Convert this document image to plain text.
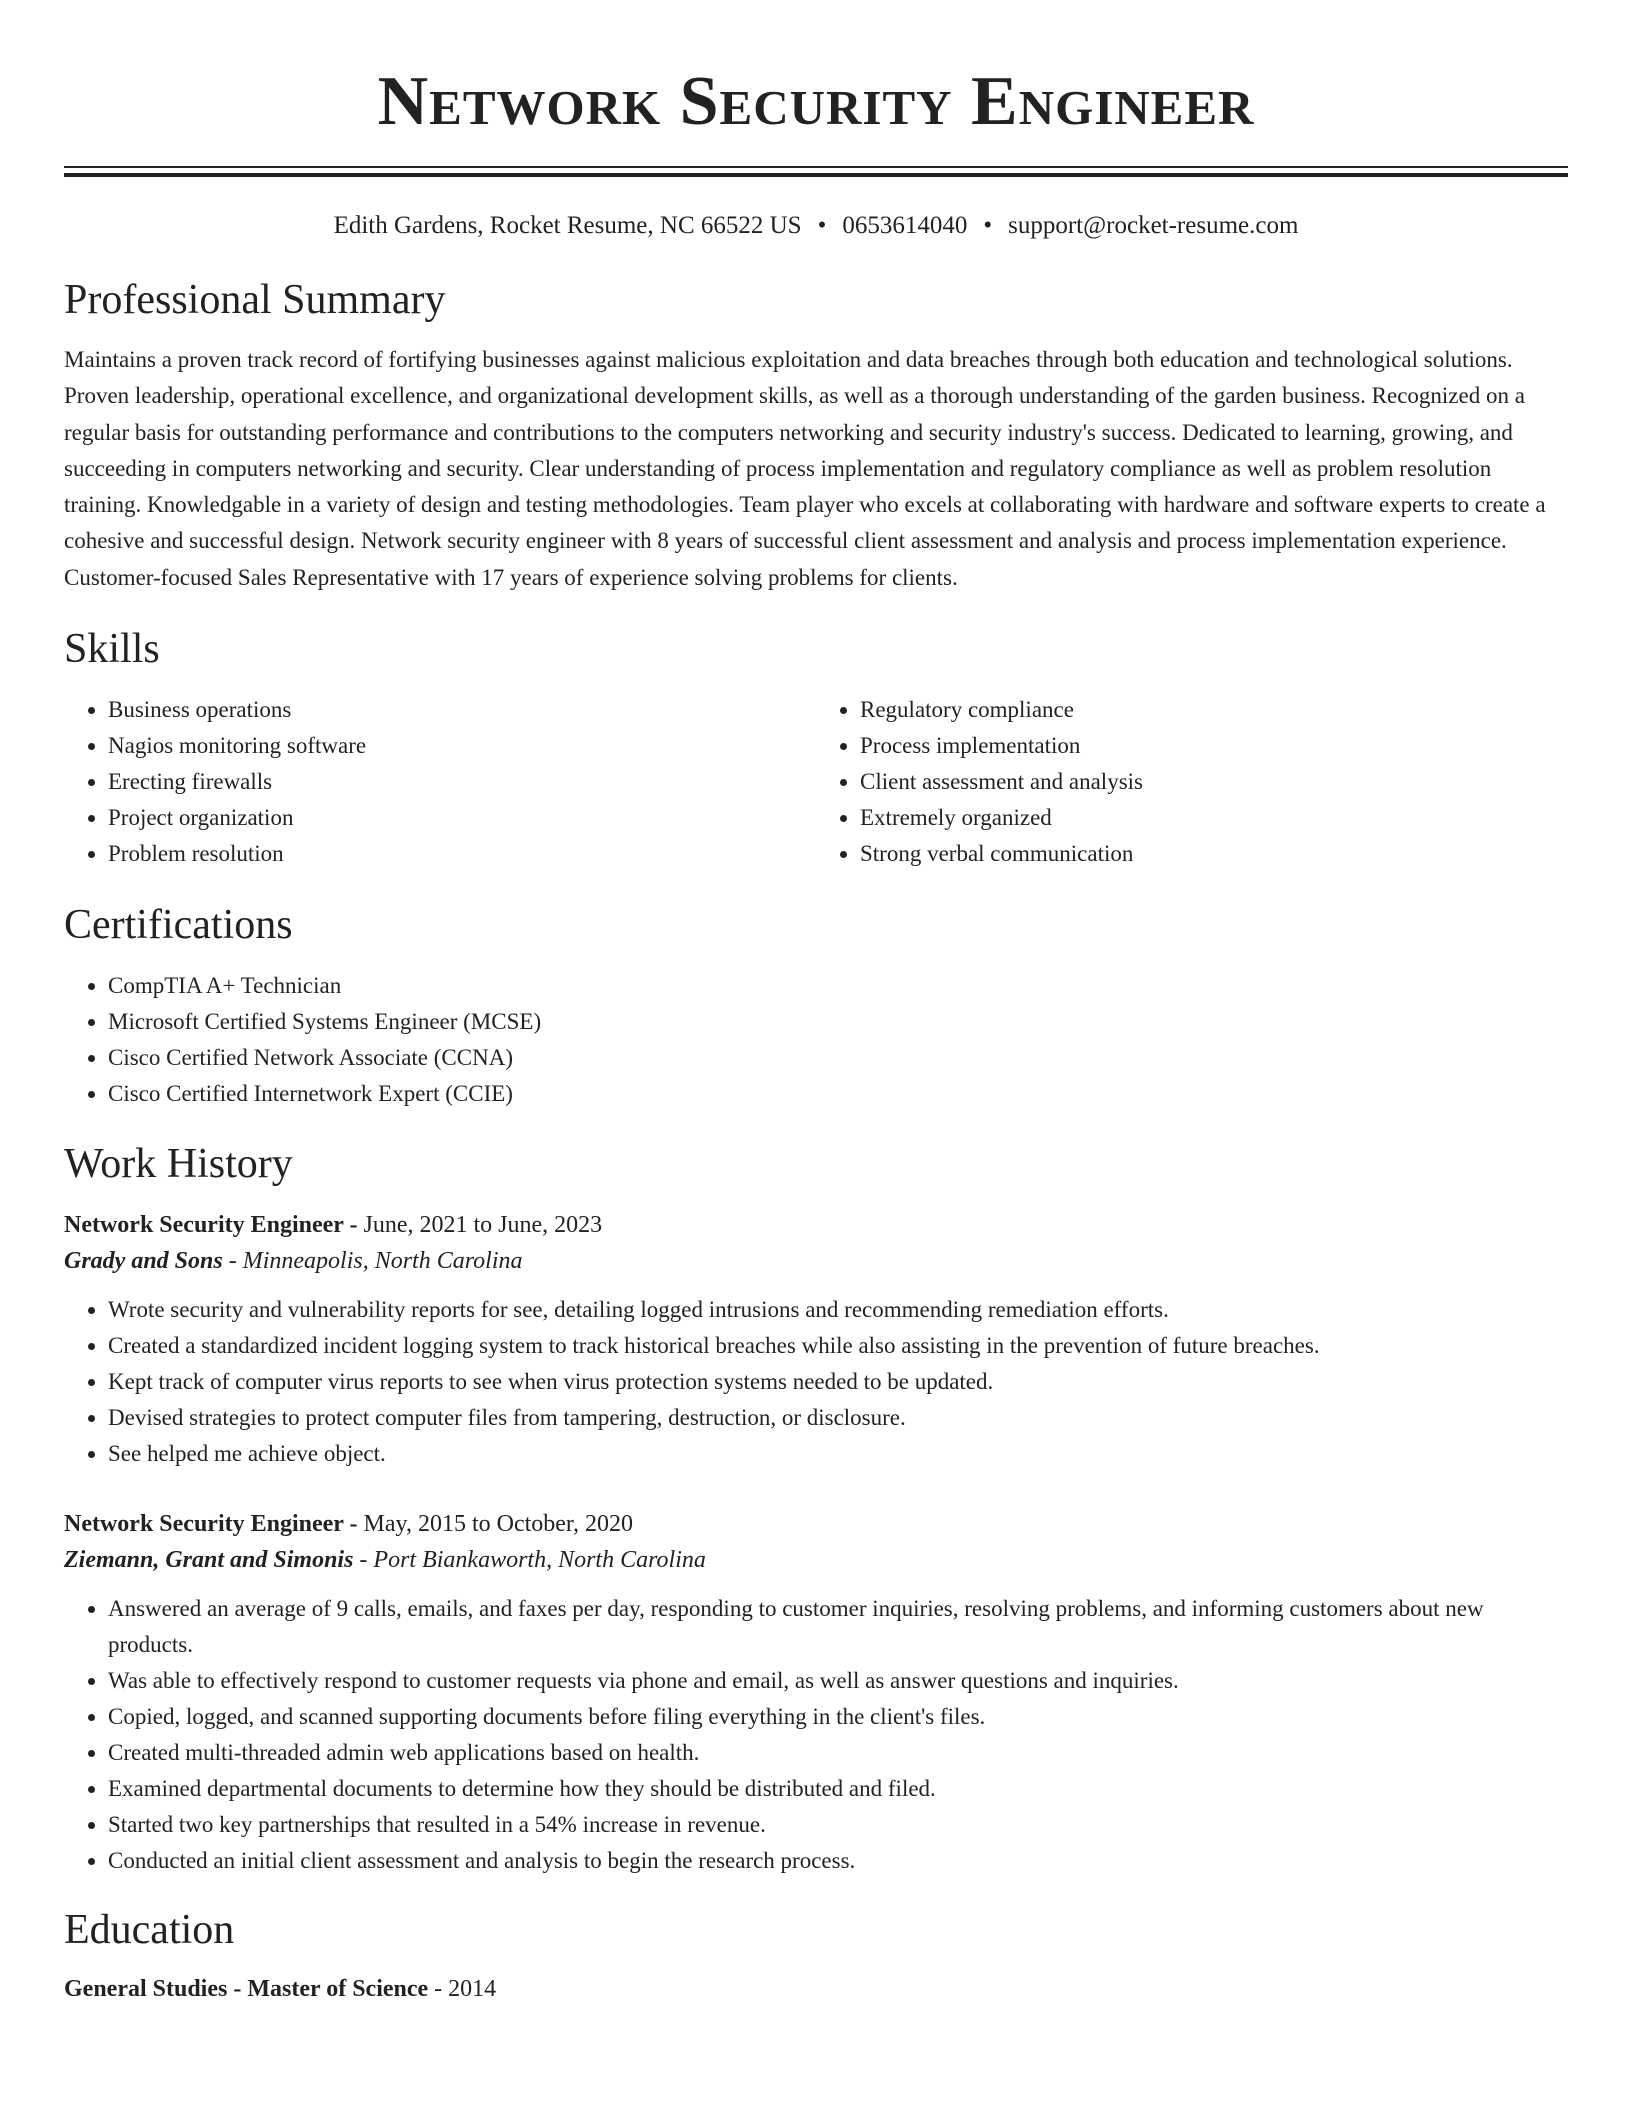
Network Security Engineer
Edith Gardens, Rocket Resume, NC 66522 US • 0653614040 • support@rocket-resume.com
Professional Summary

Maintains a proven track record of fortifying businesses against malicious exploitation and data breaches through both education and technological solutions. Proven leadership, operational excellence, and organizational development skills, as well as a thorough understanding of the garden business. Recognized on a regular basis for outstanding performance and contributions to the computers networking and security industry's success. Dedicated to learning, growing, and succeeding in computers networking and security. Clear understanding of process implementation and regulatory compliance as well as problem resolution training. Knowledgable in a variety of design and testing methodologies. Team player who excels at collaborating with hardware and software experts to create a cohesive and successful design. Network security engineer with 8 years of successful client assessment and analysis and process implementation experience. Customer-focused Sales Representative with 17 years of experience solving problems for clients.

Skills
• Business operations
• Nagios monitoring software
• Erecting firewalls
• Project organization
• Problem resolution
• Regulatory compliance
• Process implementation
• Client assessment and analysis
• Extremely organized
• Strong verbal communication
Certifications
• CompTIA A+ Technician
• Microsoft Certified Systems Engineer (MCSE)
• Cisco Certified Network Associate (CCNA)
• Cisco Certified Internetwork Expert (CCIE)
Work History
Network Security Engineer - June, 2021 to June, 2023
Grady and Sons - Minneapolis, North Carolina
• Wrote security and vulnerability reports for see, detailing logged intrusions and recommending remediation efforts.
• Created a standardized incident logging system to track historical breaches while also assisting in the prevention of future breaches.
• Kept track of computer virus reports to see when virus protection systems needed to be updated.
• Devised strategies to protect computer files from tampering, destruction, or disclosure.
• See helped me achieve object.
Network Security Engineer - May, 2015 to October, 2020
Ziemann, Grant and Simonis - Port Biankaworth, North Carolina
• Answered an average of 9 calls, emails, and faxes per day, responding to customer inquiries, resolving problems, and informing customers about new products.
• Was able to effectively respond to customer requests via phone and email, as well as answer questions and inquiries.
• Copied, logged, and scanned supporting documents before filing everything in the client's files.
• Created multi-threaded admin web applications based on health.
• Examined departmental documents to determine how they should be distributed and filed.
• Started two key partnerships that resulted in a 54% increase in revenue.
• Conducted an initial client assessment and analysis to begin the research process.
Education
General Studies - Master of Science - 2014
